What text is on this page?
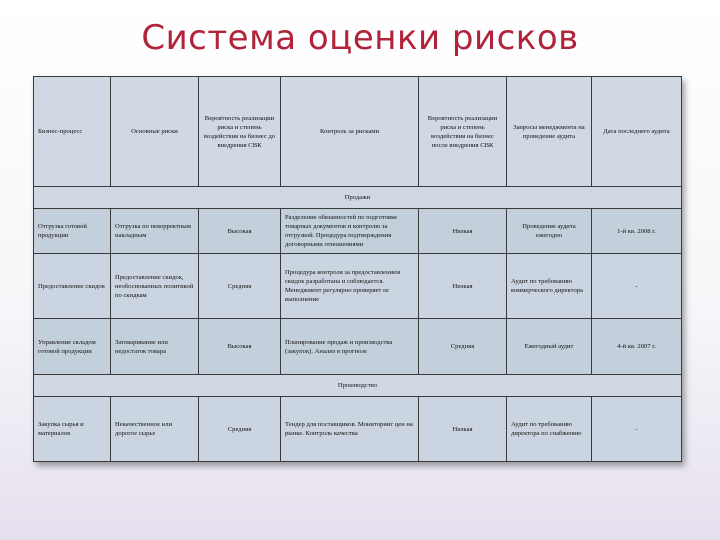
Система оценки рисков
Бизнес-процесс	Основные риски	Вероятность реализации риска и степень воздействия на бизнес до внедрения СВК	Контроль за рисками	Вероятность реализации риска и степень воздействия на бизнес после внедрения СВК	Запросы менеджмента на проведение аудита	Дата последнего аудита
Продажи						
Отгрузка готовой продукции	Отгрузка по некорректным накладным	Высокая	Разделение обязанностей по подготовке товарных документов и контролю за отгрузкой. Процедура подтверждения договорными отношениями	Низкая	Проведение аудита ежегодно	1-й кв. 2008 г.
Предоставление скидок	Предоставление скидок, необоснованных политикой по скидкам	Средняя	Процедура контроля за предоставлением скидок разработана и соблюдается. Менеджмент регулярно проверяет ее выполнение	Низкая	Аудит по требованию коммерческого директора	-
Управление складом готовой продукции	Затоваривание или недостаток товара	Высокая	Планирование продаж и производства (закупок). Анализ в прогнозе	Средняя	Ежегодный аудит	4-й кв. 2007 г.
Производство						
Закупка сырья и материалов	Некачественное или дорогое сырье	Средняя	Тендер для поставщиков. Мониторинг цен на рынке. Контроль качества	Низкая	Аудит по требованию директора по снабжению	-
